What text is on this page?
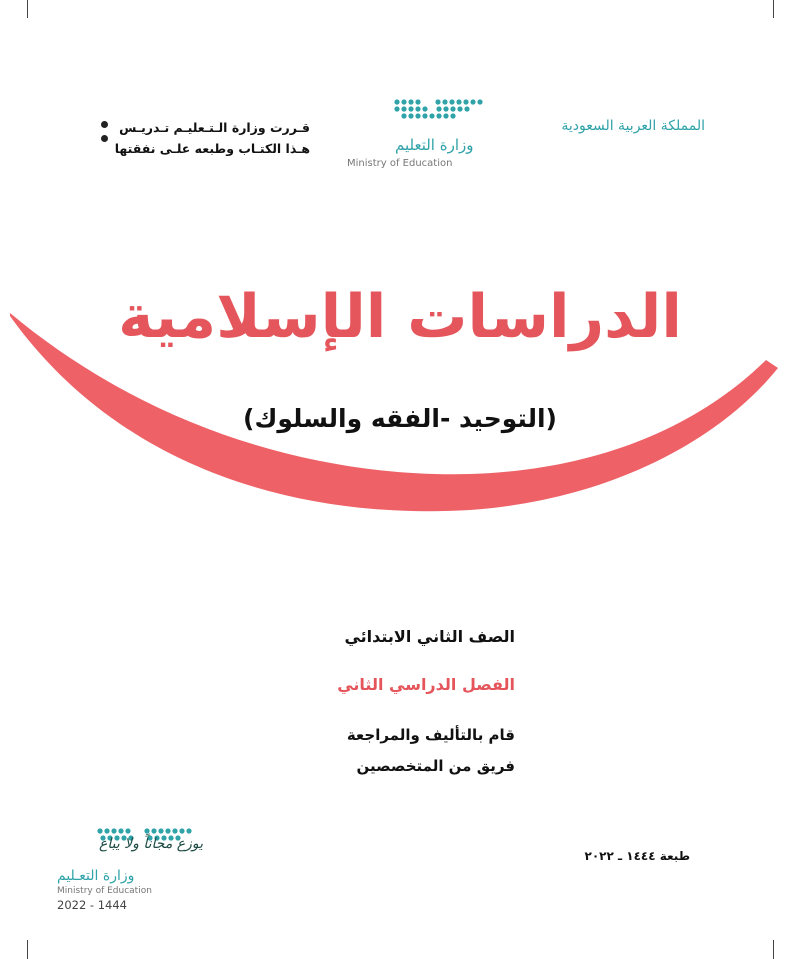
المملكة العربية السعودية
وزارة التعليم
Ministry of Education
قـررت وزارة الـتـعليـم تـدريـس
هـذا الكتـاب وطبعه علـى نفقتها
الدراسات الإسلامية
(التوحيد -الفقه والسلوك)
الصف الثاني الابتدائي
الفصل الدراسي الثاني
قام بالتأليف والمراجعة
فريق من المتخصصين
طبعة ١٤٤٤ ـ ٢٠٢٢
يوزع مجاناً ولا يباع
وزارة التعـليم
Ministry of Education
2022 - 1444
